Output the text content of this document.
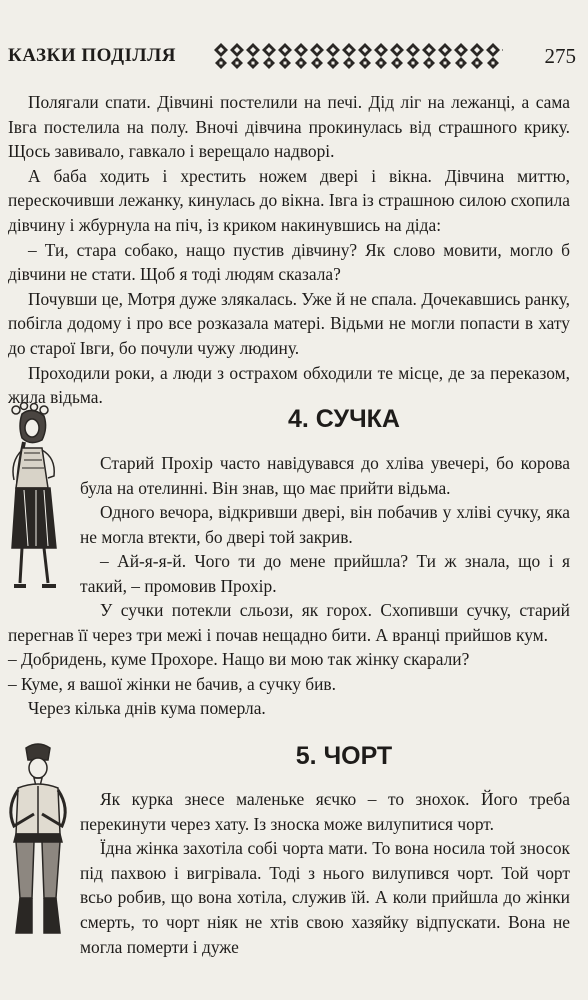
КАЗКИ ПОДІЛЛЯ	275

Полягали спати. Дівчині постелили на печі. Дід ліг на лежанці, а сама Івга постелила на полу. Вночі дівчина прокинулась від страшного крику. Щось завивало, гавкало і верещало надворі.

А баба ходить і хрестить ножем двері і вікна. Дівчина миттю, перескочивши лежанку, кинулась до вікна. Івга із страшною силою схопила дівчину і жбурнула на піч, із криком накинувшись на діда:

– Ти, стара собако, нащо пустив дівчину? Як слово мовити, могло б дівчини не стати. Щоб я тоді людям сказала?

Почувши це, Мотря дуже злякалась. Уже й не спала. Дочекавшись ранку, побігла додому і про все розказала матері. Відьми не могли попасти в хату до старої Івги, бо почули чужу людину.

Проходили роки, а люди з острахом обходили те місце, де за переказом, жила відьма.

4. СУЧКА

Старий Прохір часто навідувався до хліва увечері, бо корова була на отелинні. Він знав, що має прийти відьма.

Одного вечора, відкривши двері, він побачив у хліві сучку, яка не могла втекти, бо двері той закрив.

– Ай-я-я-й. Чого ти до мене прийшла? Ти ж знала, що і я такий, – промовив Прохір.

У сучки потекли сльози, як горох. Схопивши сучку, старий перегнав її через три межі і почав нещадно бити. А вранці прийшов кум.

– Добридень, куме Прохоре. Нащо ви мою так жінку скарали?

– Куме, я вашої жінки не бачив, а сучку бив.

Через кілька днів кума померла.

5. ЧОРТ

Як курка знесе маленьке яєчко – то знохок. Його треба перекинути через хату. Із зноска може вилупитися чорт.

Їдна жінка захотіла собі чорта мати. То вона носила той зносок під пахвою і вигрівала. Тоді з нього вилупився чорт. Той чорт всьо робив, що вона хотіла, служив їй. А коли прийшла до жінки смерть, то чорт ніяк не хтів свою хазяйку відпускати. Вона не могла померти і дуже
